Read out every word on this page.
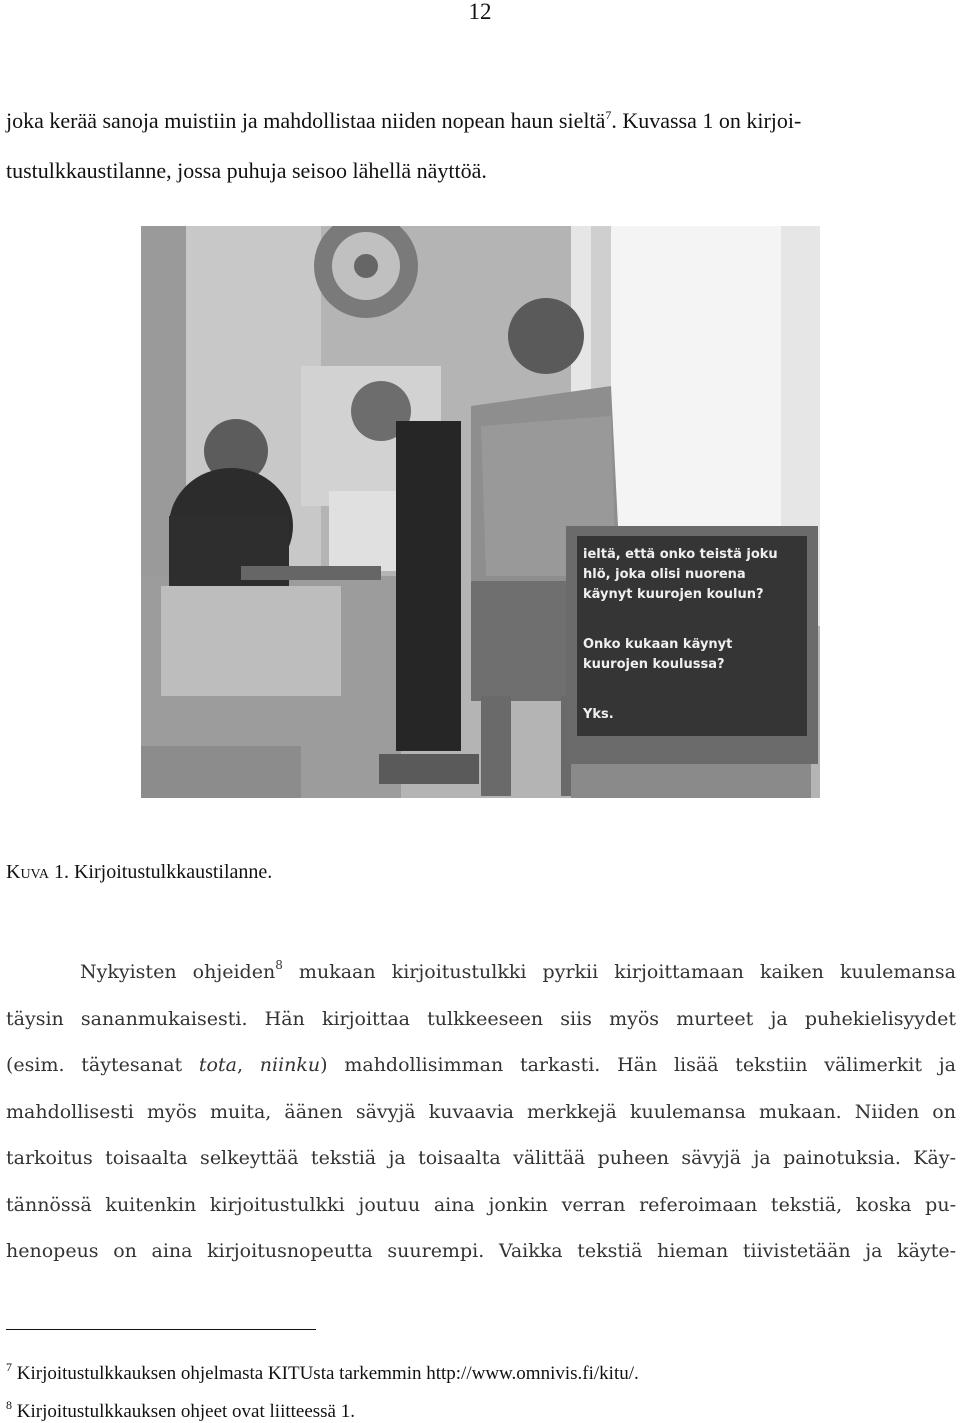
12
joka kerää sanoja muistiin ja mahdollistaa niiden nopean haun sieltä$^7$. Kuvassa 1 on kirjoi-
tustulkkaustilanne, jossa puhuja seisoo lähellä näyttöä.
ieltä, että onko teistä joku
hlö, joka olisi nuorena
käynyt kuurojen koulun?
Onko kukaan käynyt
kuurojen koulussa?
Yks.
Kuva 1. Kirjoitustulkkaustilanne.
Nykyisten ohjeiden$^8$ mukaan kirjoitustulkki pyrkii kirjoittamaan kaiken kuulemansa
täysin sananmukaisesti. Hän kirjoittaa tulkkeeseen siis myös murteet ja puhekielisyydet
(esim. täytesanat tota, niinku) mahdollisimman tarkasti. Hän lisää tekstiin välimerkit ja
mahdollisesti myös muita, äänen sävyjä kuvaavia merkkejä kuulemansa mukaan. Niiden on
tarkoitus toisaalta selkeyttää tekstiä ja toisaalta välittää puheen sävyjä ja painotuksia. Käy-
tännössä kuitenkin kirjoitustulkki joutuu aina jonkin verran referoimaan tekstiä, koska pu-
henopeus on aina kirjoitusnopeutta suurempi. Vaikka tekstiä hieman tiivistetään ja käyte-
$^7$ Kirjoitustulkkauksen ohjelmasta KITUsta tarkemmin http://www.omnivis.fi/kitu/.
$^8$ Kirjoitustulkkauksen ohjeet ovat liitteessä 1.
